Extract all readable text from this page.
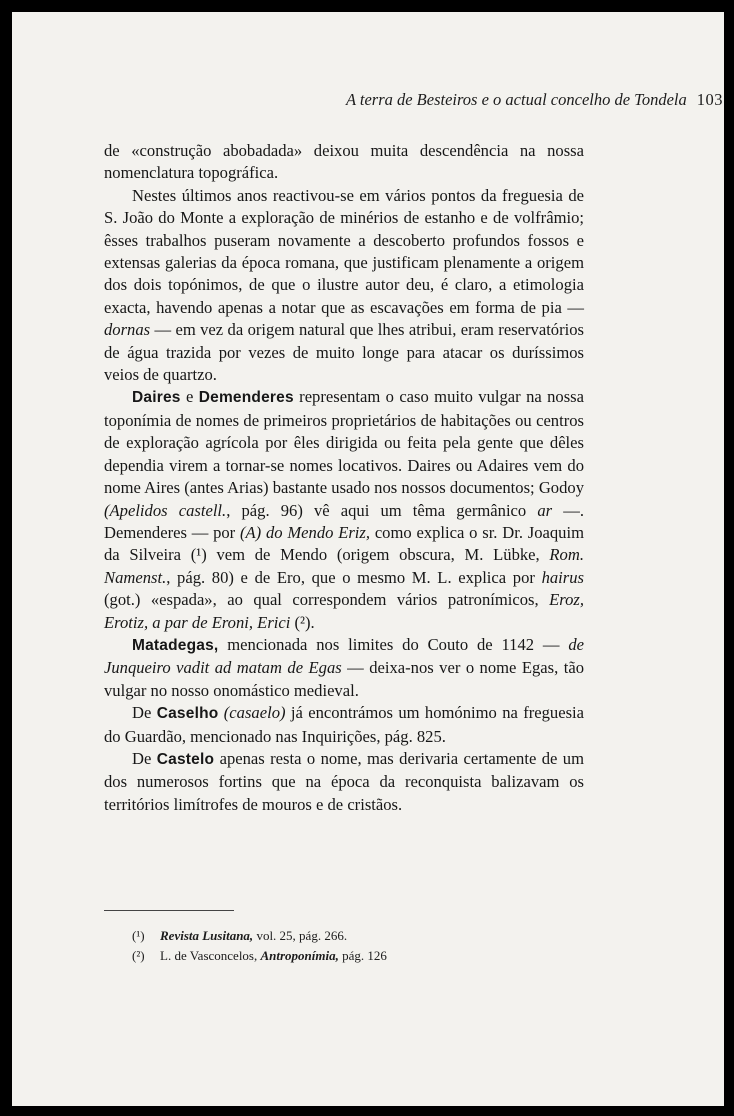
A terra de Besteiros e o actual concelho de Tondela 103

de «construção abobadada» deixou muita descendência na nossa nomenclatura topográfica.

Nestes últimos anos reactivou-se em vários pontos da freguesia de S. João do Monte a exploração de minérios de estanho e de volfrâmio; êsses trabalhos puseram novamente a descoberto profundos fossos e extensas galerias da época romana, que justificam plenamente a origem dos dois topónimos, de que o ilustre autor deu, é claro, a etimologia exacta, havendo apenas a notar que as escavações em forma de pia — dornas — em vez da origem natural que lhes atribui, eram reservatórios de água trazida por vezes de muito longe para atacar os duríssimos veios de quartzo.

Daires e Demenderes representam o caso muito vulgar na nossa toponímia de nomes de primeiros proprietários de habitações ou centros de exploração agrícola por êles dirigida ou feita pela gente que dêles dependia virem a tornar-se nomes locativos. Daires ou Adaires vem do nome Aires (antes Arias) bastante usado nos nossos documentos; Godoy (Apelidos castell., pág. 96) vê aqui um têma germânico ar —. Demenderes — por (A) do Mendo Eriz, como explica o sr. Dr. Joaquim da Silveira (¹) vem de Mendo (origem obscura, M. Lübke, Rom. Namenst., pág. 80) e de Ero, que o mesmo M. L. explica por hairus (got.) «espada», ao qual correspondem vários patronímicos, Eroz, Erotiz, a par de Eroni, Erici (²).

Matadegas, mencionada nos limites do Couto de 1142 — de Junqueiro vadit ad matam de Egas — deixa-nos ver o nome Egas, tão vulgar no nosso onomástico medieval.

De Caselho (casaelo) já encontrámos um homónimo na freguesia do Guardão, mencionado nas Inquirições, pág. 825.

De Castelo apenas resta o nome, mas derivaria certamente de um dos numerosos fortins que na época da reconquista balizavam os territórios limítrofes de mouros e de cristãos.

(¹) Revista Lusitana, vol. 25, pág. 266.
(²) L. de Vasconcelos, Antroponímia, pág. 126
